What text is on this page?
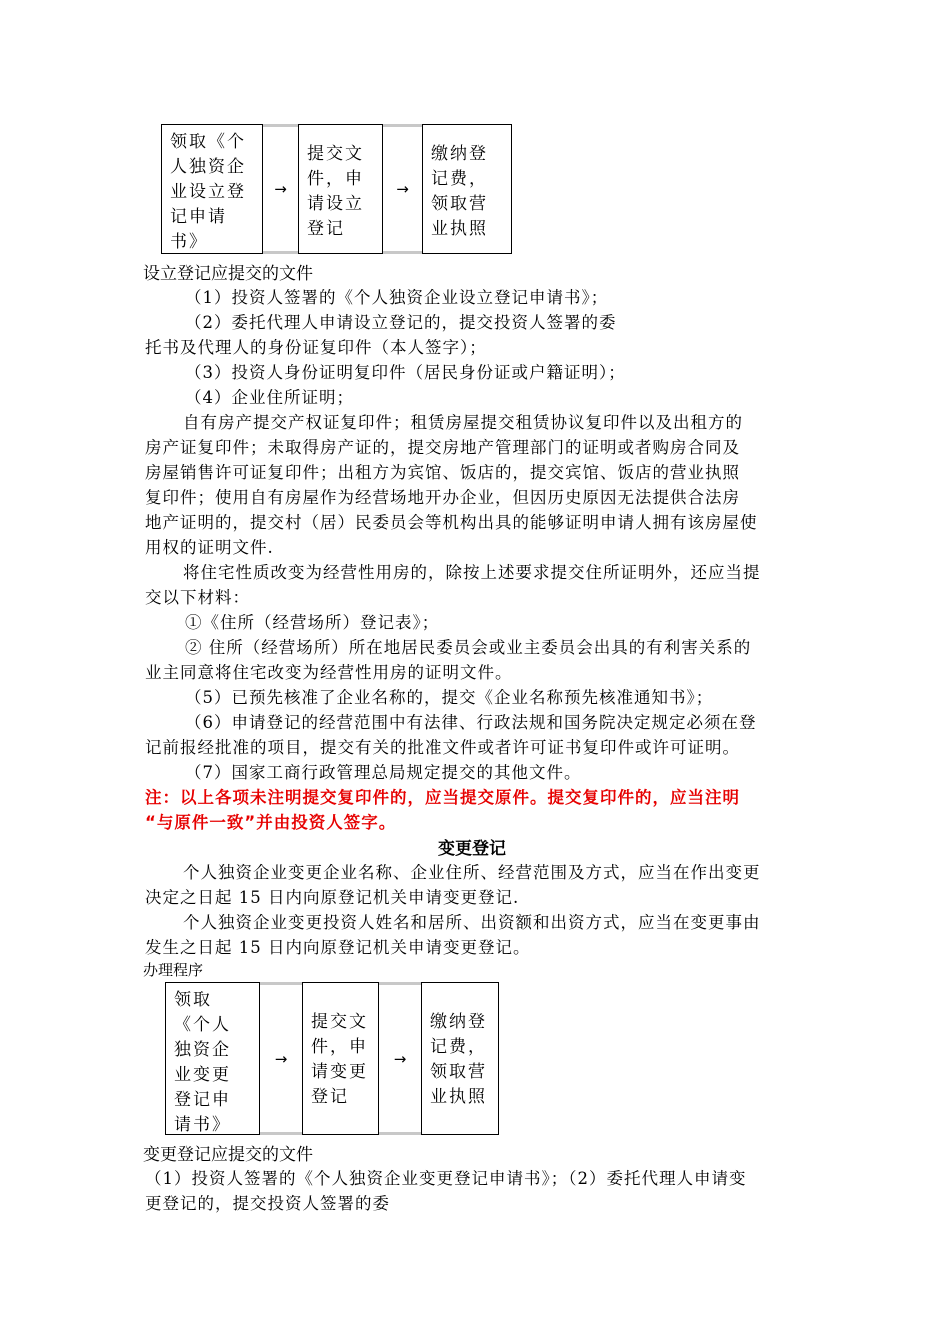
领取《个
人独资企
业设立登
记申请
书》
→
提交文
件，申
请设立
登记
→
缴纳登
记费，
领取营
业执照
设立登记应提交的文件
（1）投资人签署的《个人独资企业设立登记申请书》；
（2）委托代理人申请设立登记的，提交投资人签署的委
托书及代理人的身份证复印件（本人签字）；
（3）投资人身份证明复印件（居民身份证或户籍证明）；
（4）企业住所证明；
自有房产提交产权证复印件；租赁房屋提交租赁协议复印件以及出租方的
房产证复印件；未取得房产证的，提交房地产管理部门的证明或者购房合同及
房屋销售许可证复印件；出租方为宾馆、饭店的，提交宾馆、饭店的营业执照
复印件；使用自有房屋作为经营场地开办企业，但因历史原因无法提供合法房
地产证明的，提交村（居）民委员会等机构出具的能够证明申请人拥有该房屋使
用权的证明文件.
将住宅性质改变为经营性用房的，除按上述要求提交住所证明外，还应当提
交以下材料：
①《住所（经营场所）登记表》；
② 住所（经营场所）所在地居民委员会或业主委员会出具的有利害关系的
业主同意将住宅改变为经营性用房的证明文件。
（5）已预先核准了企业名称的，提交《企业名称预先核准通知书》；
（6）申请登记的经营范围中有法律、行政法规和国务院决定规定必须在登
记前报经批准的项目，提交有关的批准文件或者许可证书复印件或许可证明。
（7）国家工商行政管理总局规定提交的其他文件。
注：以上各项未注明提交复印件的，应当提交原件。提交复印件的，应当注明
“与原件一致”并由投资人签字。
变更登记
个人独资企业变更企业名称、企业住所、经营范围及方式，应当在作出变更
决定之日起 15 日内向原登记机关申请变更登记.
个人独资企业变更投资人姓名和居所、出资额和出资方式，应当在变更事由
发生之日起 15 日内向原登记机关申请变更登记。
办理程序
领取
《个人
独资企
业变更
登记申
请书》
→
提交文
件，申
请变更
登记
→
缴纳登
记费，
领取营
业执照
变更登记应提交的文件
（1）投资人签署的《个人独资企业变更登记申请书》；（2）委托代理人申请变
更登记的，提交投资人签署的委
